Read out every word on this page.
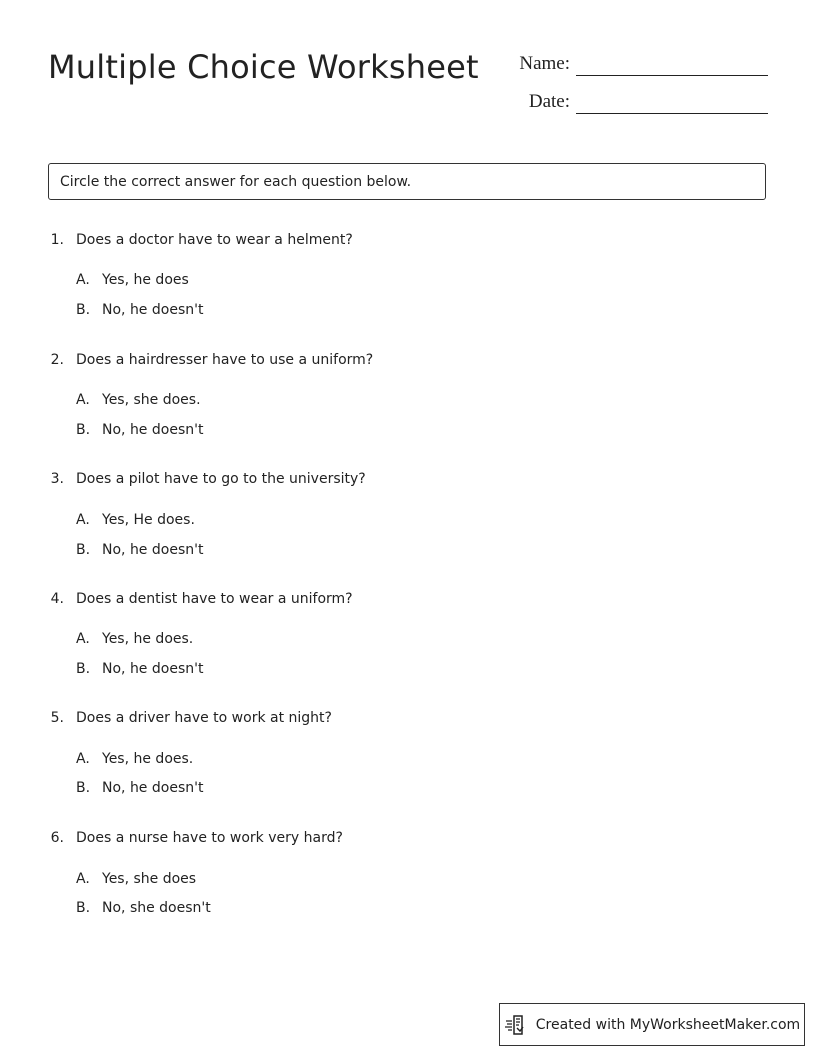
Multiple Choice Worksheet Name:
Date:
Circle the correct answer for each question below.
1. Does a doctor have to wear a helment?
A. Yes, he does
B. No, he doesn't
2. Does a hairdresser have to use a uniform?
A. Yes, she does.
B. No, he doesn't
3. Does a pilot have to go to the university?
A. Yes, He does.
B. No, he doesn't
4. Does a dentist have to wear a uniform?
A. Yes, he does.
B. No, he doesn't
5. Does a driver have to work at night?
A. Yes, he does.
B. No, he doesn't
6. Does a nurse have to work very hard?
A. Yes, she does
B. No, she doesn't
Created with MyWorksheetMaker.com
